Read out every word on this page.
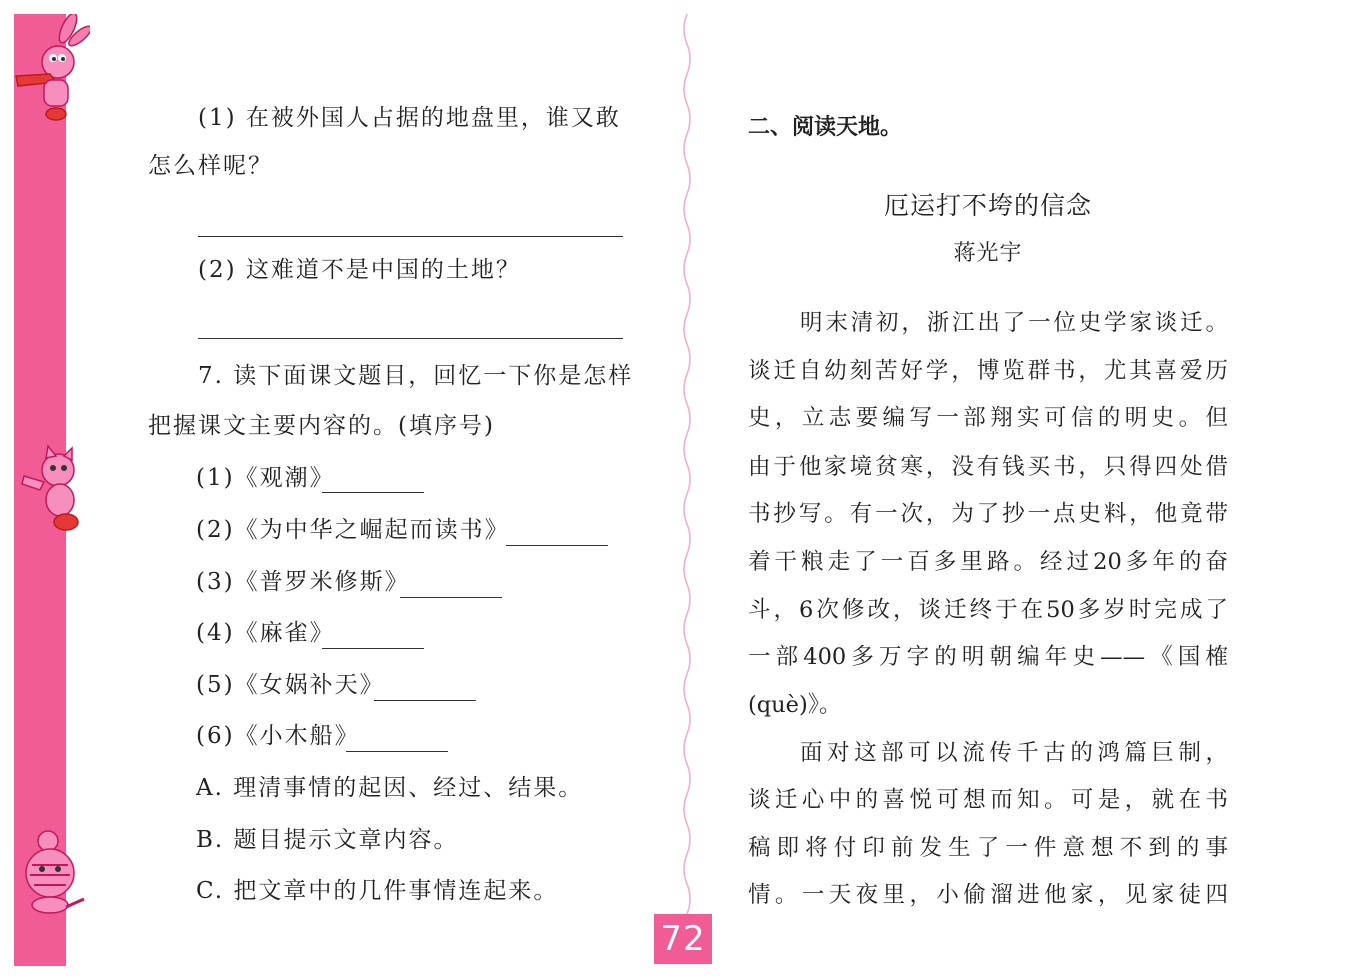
(1) 在被外国人占据的地盘里，谁又敢
怎么样呢？
(2) 这难道不是中国的土地？
7. 读下面课文题目，回忆一下你是怎样
把握课文主要内容的。(填序号)
(1)《观潮》
(2)《为中华之崛起而读书》
(3)《普罗米修斯》
(4)《麻雀》
(5)《女娲补天》
(6)《小木船》
A. 理清事情的起因、经过、结果。
B. 题目提示文章内容。
C. 把文章中的几件事情连起来。
二、阅读天地。
厄运打不垮的信念
蒋光宇
明末清初，浙江出了一位史学家谈迁。
谈迁自幼刻苦好学，博览群书，尤其喜爱历
史，立志要编写一部翔实可信的明史。但
由于他家境贫寒，没有钱买书，只得四处借
书抄写。有一次，为了抄一点史料，他竟带
着干粮走了一百多里路。经过20多年的奋
斗，6次修改，谈迁终于在50多岁时完成了
一部400多万字的明朝编年史——《国榷
(què)》。
面对这部可以流传千古的鸿篇巨制，
谈迁心中的喜悦可想而知。可是，就在书
稿即将付印前发生了一件意想不到的事
情。一天夜里，小偷溜进他家，见家徒四
72
